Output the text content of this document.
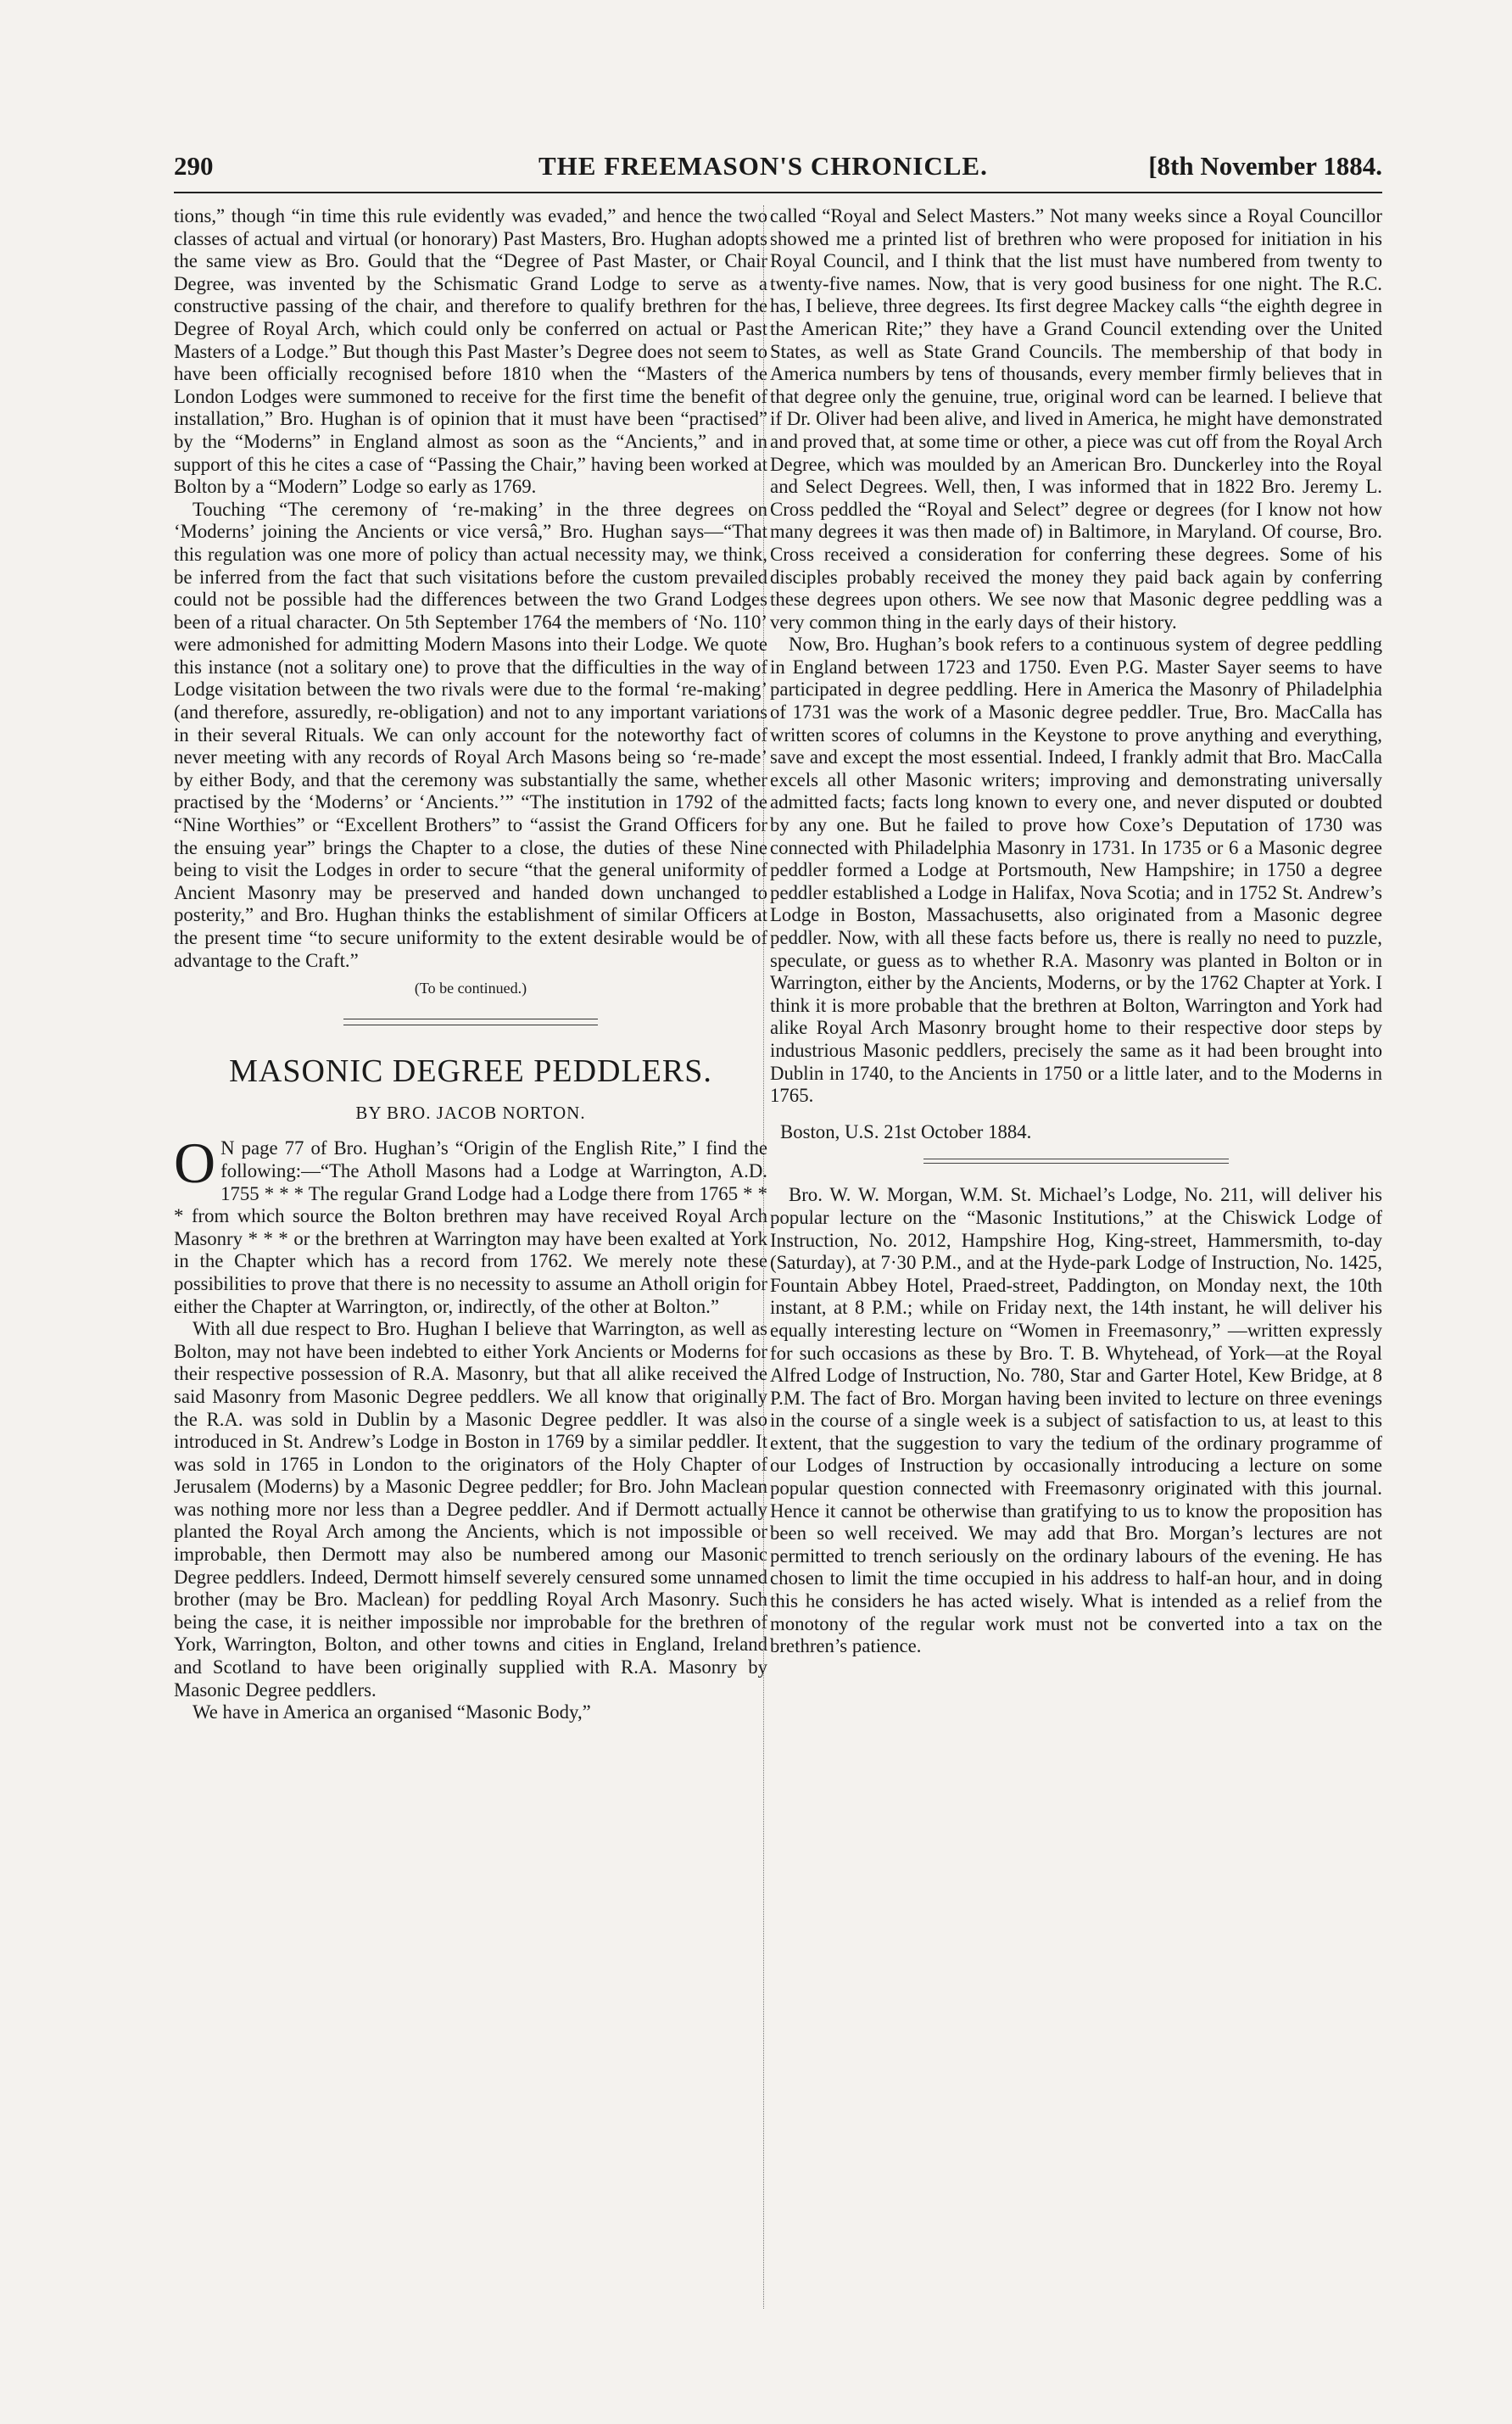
290	THE FREEMASON'S CHRONICLE.	[8th November 1884.

tions,” though “in time this rule evidently was evaded,” and hence the two classes of actual and virtual (or honorary) Past Masters, Bro. Hughan adopts the same view as Bro. Gould that the “Degree of Past Master, or Chair Degree, was invented by the Schismatic Grand Lodge to serve as a constructive passing of the chair, and therefore to qualify brethren for the Degree of Royal Arch, which could only be conferred on actual or Past Masters of a Lodge.” But though this Past Master’s Degree does not seem to have been officially recognised before 1810 when the “Masters of the London Lodges were summoned to receive for the first time the benefit of installation,” Bro. Hughan is of opinion that it must have been “practised” by the “Moderns” in England almost as soon as the “Ancients,” and in support of this he cites a case of “Passing the Chair,” having been worked at Bolton by a “Modern” Lodge so early as 1769.

Touching “The ceremony of ‘re-making’ in the three degrees on ‘Moderns’ joining the Ancients or vice versâ,” Bro. Hughan says—“That this regulation was one more of policy than actual necessity may, we think, be inferred from the fact that such visitations before the custom prevailed could not be possible had the differences between the two Grand Lodges been of a ritual character. On 5th September 1764 the members of ‘No. 110’ were admonished for admitting Modern Masons into their Lodge. We quote this instance (not a solitary one) to prove that the difficulties in the way of Lodge visitation between the two rivals were due to the formal ‘re-making’ (and therefore, assuredly, re-obligation) and not to any important variations in their several Rituals. We can only account for the noteworthy fact of never meeting with any records of Royal Arch Masons being so ‘re-made’ by either Body, and that the ceremony was substantially the same, whether practised by the ‘Moderns’ or ‘Ancients.’” “The institution in 1792 of the “Nine Worthies” or “Excellent Brothers” to “assist the Grand Officers for the ensuing year” brings the Chapter to a close, the duties of these Nine being to visit the Lodges in order to secure “that the general uniformity of Ancient Masonry may be preserved and handed down unchanged to posterity,” and Bro. Hughan thinks the establishment of similar Officers at the present time “to secure uniformity to the extent desirable would be of advantage to the Craft.”

(To be continued.)

MASONIC DEGREE PEDDLERS.

BY BRO. JACOB NORTON.

O N page 77 of Bro. Hughan’s “Origin of the English Rite,” I find the following:—“The Atholl Masons had a Lodge at Warrington, A.D. 1755 * * * The regular Grand Lodge had a Lodge there from 1765 * * * from which source the Bolton brethren may have received Royal Arch Masonry * * * or the brethren at Warrington may have been exalted at York in the Chapter which has a record from 1762. We merely note these possibilities to prove that there is no necessity to assume an Atholl origin for either the Chapter at Warrington, or, indirectly, of the other at Bolton.”

With all due respect to Bro. Hughan I believe that Warrington, as well as Bolton, may not have been indebted to either York Ancients or Moderns for their respective possession of R.A. Masonry, but that all alike received the said Masonry from Masonic Degree peddlers. We all know that originally the R.A. was sold in Dublin by a Masonic Degree peddler. It was also introduced in St. Andrew’s Lodge in Boston in 1769 by a similar peddler. It was sold in 1765 in London to the originators of the Holy Chapter of Jerusalem (Moderns) by a Masonic Degree peddler; for Bro. John Maclean was nothing more nor less than a Degree peddler. And if Dermott actually planted the Royal Arch among the Ancients, which is not impossible or improbable, then Dermott may also be numbered among our Masonic Degree peddlers. Indeed, Dermott himself severely censured some unnamed brother (may be Bro. Maclean) for peddling Royal Arch Masonry. Such being the case, it is neither impossible nor improbable for the brethren of York, Warrington, Bolton, and other towns and cities in England, Ireland and Scotland to have been originally supplied with R.A. Masonry by Masonic Degree peddlers.

We have in America an organised “Masonic Body,”

called “Royal and Select Masters.” Not many weeks since a Royal Councillor showed me a printed list of brethren who were proposed for initiation in his Royal Council, and I think that the list must have numbered from twenty to twenty-five names. Now, that is very good business for one night. The R.C. has, I believe, three degrees. Its first degree Mackey calls “the eighth degree in the American Rite;” they have a Grand Council extending over the United States, as well as State Grand Councils. The membership of that body in America numbers by tens of thousands, every member firmly believes that in that degree only the genuine, true, original word can be learned. I believe that if Dr. Oliver had been alive, and lived in America, he might have demonstrated and proved that, at some time or other, a piece was cut off from the Royal Arch Degree, which was moulded by an American Bro. Dunckerley into the Royal and Select Degrees. Well, then, I was informed that in 1822 Bro. Jeremy L. Cross peddled the “Royal and Select” degree or degrees (for I know not how many degrees it was then made of) in Baltimore, in Maryland. Of course, Bro. Cross received a consideration for conferring these degrees. Some of his disciples probably received the money they paid back again by conferring these degrees upon others. We see now that Masonic degree peddling was a very common thing in the early days of their history.

Now, Bro. Hughan’s book refers to a continuous system of degree peddling in England between 1723 and 1750. Even P.G. Master Sayer seems to have participated in degree peddling. Here in America the Masonry of Philadelphia of 1731 was the work of a Masonic degree peddler. True, Bro. MacCalla has written scores of columns in the Keystone to prove anything and everything, save and except the most essential. Indeed, I frankly admit that Bro. MacCalla excels all other Masonic writers; improving and demonstrating universally admitted facts; facts long known to every one, and never disputed or doubted by any one. But he failed to prove how Coxe’s Deputation of 1730 was connected with Philadelphia Masonry in 1731. In 1735 or 6 a Masonic degree peddler formed a Lodge at Portsmouth, New Hampshire; in 1750 a degree peddler established a Lodge in Halifax, Nova Scotia; and in 1752 St. Andrew’s Lodge in Boston, Massachusetts, also originated from a Masonic degree peddler. Now, with all these facts before us, there is really no need to puzzle, speculate, or guess as to whether R.A. Masonry was planted in Bolton or in Warrington, either by the Ancients, Moderns, or by the 1762 Chapter at York. I think it is more probable that the brethren at Bolton, Warrington and York had alike Royal Arch Masonry brought home to their respective door steps by industrious Masonic peddlers, precisely the same as it had been brought into Dublin in 1740, to the Ancients in 1750 or a little later, and to the Moderns in 1765.

Boston, U.S. 21st October 1884.

Bro. W. W. Morgan, W.M. St. Michael’s Lodge, No. 211, will deliver his popular lecture on the “Masonic Institutions,” at the Chiswick Lodge of Instruction, No. 2012, Hampshire Hog, King-street, Hammersmith, to-day (Saturday), at 7·30 P.M., and at the Hyde-park Lodge of Instruction, No. 1425, Fountain Abbey Hotel, Praed-street, Paddington, on Monday next, the 10th instant, at 8 P.M.; while on Friday next, the 14th instant, he will deliver his equally interesting lecture on “Women in Freemasonry,” —written expressly for such occasions as these by Bro. T. B. Whytehead, of York—at the Royal Alfred Lodge of Instruction, No. 780, Star and Garter Hotel, Kew Bridge, at 8 P.M. The fact of Bro. Morgan having been invited to lecture on three evenings in the course of a single week is a subject of satisfaction to us, at least to this extent, that the suggestion to vary the tedium of the ordinary programme of our Lodges of Instruction by occasionally introducing a lecture on some popular question connected with Freemasonry originated with this journal. Hence it cannot be otherwise than gratifying to us to know the proposition has been so well received. We may add that Bro. Morgan’s lectures are not permitted to trench seriously on the ordinary labours of the evening. He has chosen to limit the time occupied in his address to half-an hour, and in doing this he considers he has acted wisely. What is intended as a relief from the monotony of the regular work must not be converted into a tax on the brethren’s patience.
